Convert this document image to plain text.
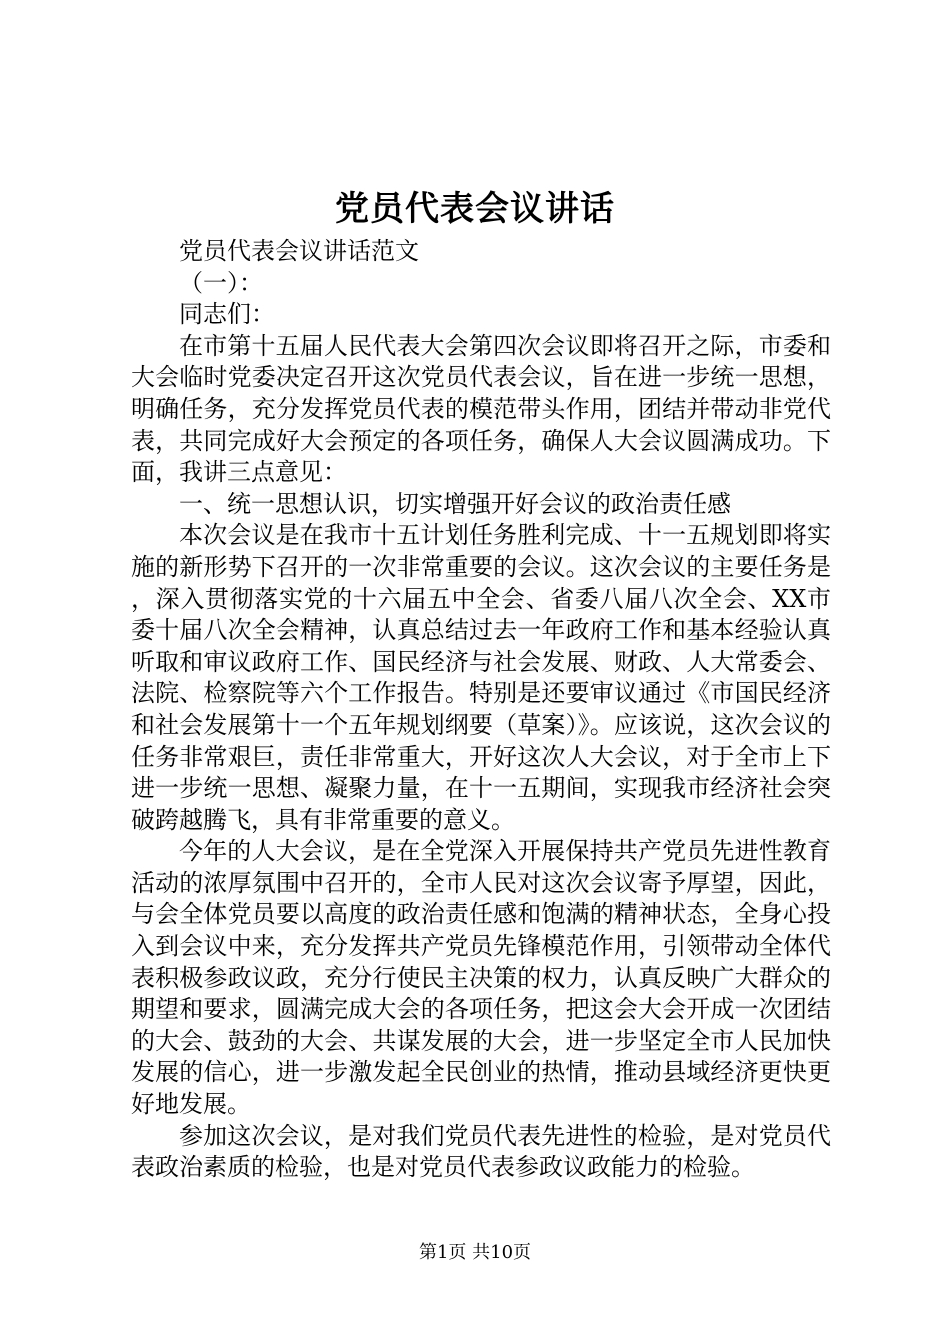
党员代表会议讲话

党员代表会议讲话范文

（一）：

同志们：

在市第十五届人民代表大会第四次会议即将召开之际，市委和大会临时党委决定召开这次党员代表会议，旨在进一步统一思想，明确任务，充分发挥党员代表的模范带头作用，团结并带动非党代表，共同完成好大会预定的各项任务，确保人大会议圆满成功。下面，我讲三点意见：

一、统一思想认识，切实增强开好会议的政治责任感

本次会议是在我市十五计划任务胜利完成、十一五规划即将实施的新形势下召开的一次非常重要的会议。这次会议的主要任务是，深入贯彻落实党的十六届五中全会、省委八届八次全会、XX市委十届八次全会精神，认真总结过去一年政府工作和基本经验认真听取和审议政府工作、国民经济与社会发展、财政、人大常委会、法院、检察院等六个工作报告。特别是还要审议通过《市国民经济和社会发展第十一个五年规划纲要（草案）》。应该说，这次会议的任务非常艰巨，责任非常重大，开好这次人大会议，对于全市上下进一步统一思想、凝聚力量，在十一五期间，实现我市经济社会突破跨越腾飞，具有非常重要的意义。

今年的人大会议，是在全党深入开展保持共产党员先进性教育活动的浓厚氛围中召开的，全市人民对这次会议寄予厚望，因此，与会全体党员要以高度的政治责任感和饱满的精神状态，全身心投入到会议中来，充分发挥共产党员先锋模范作用，引领带动全体代表积极参政议政，充分行使民主决策的权力，认真反映广大群众的期望和要求，圆满完成大会的各项任务，把这会大会开成一次团结的大会、鼓劲的大会、共谋发展的大会，进一步坚定全市人民加快发展的信心，进一步激发起全民创业的热情，推动县域经济更快更好地发展。

参加这次会议，是对我们党员代表先进性的检验，是对党员代表政治素质的检验，也是对党员代表参政议政能力的检验。

第1页 共10页
